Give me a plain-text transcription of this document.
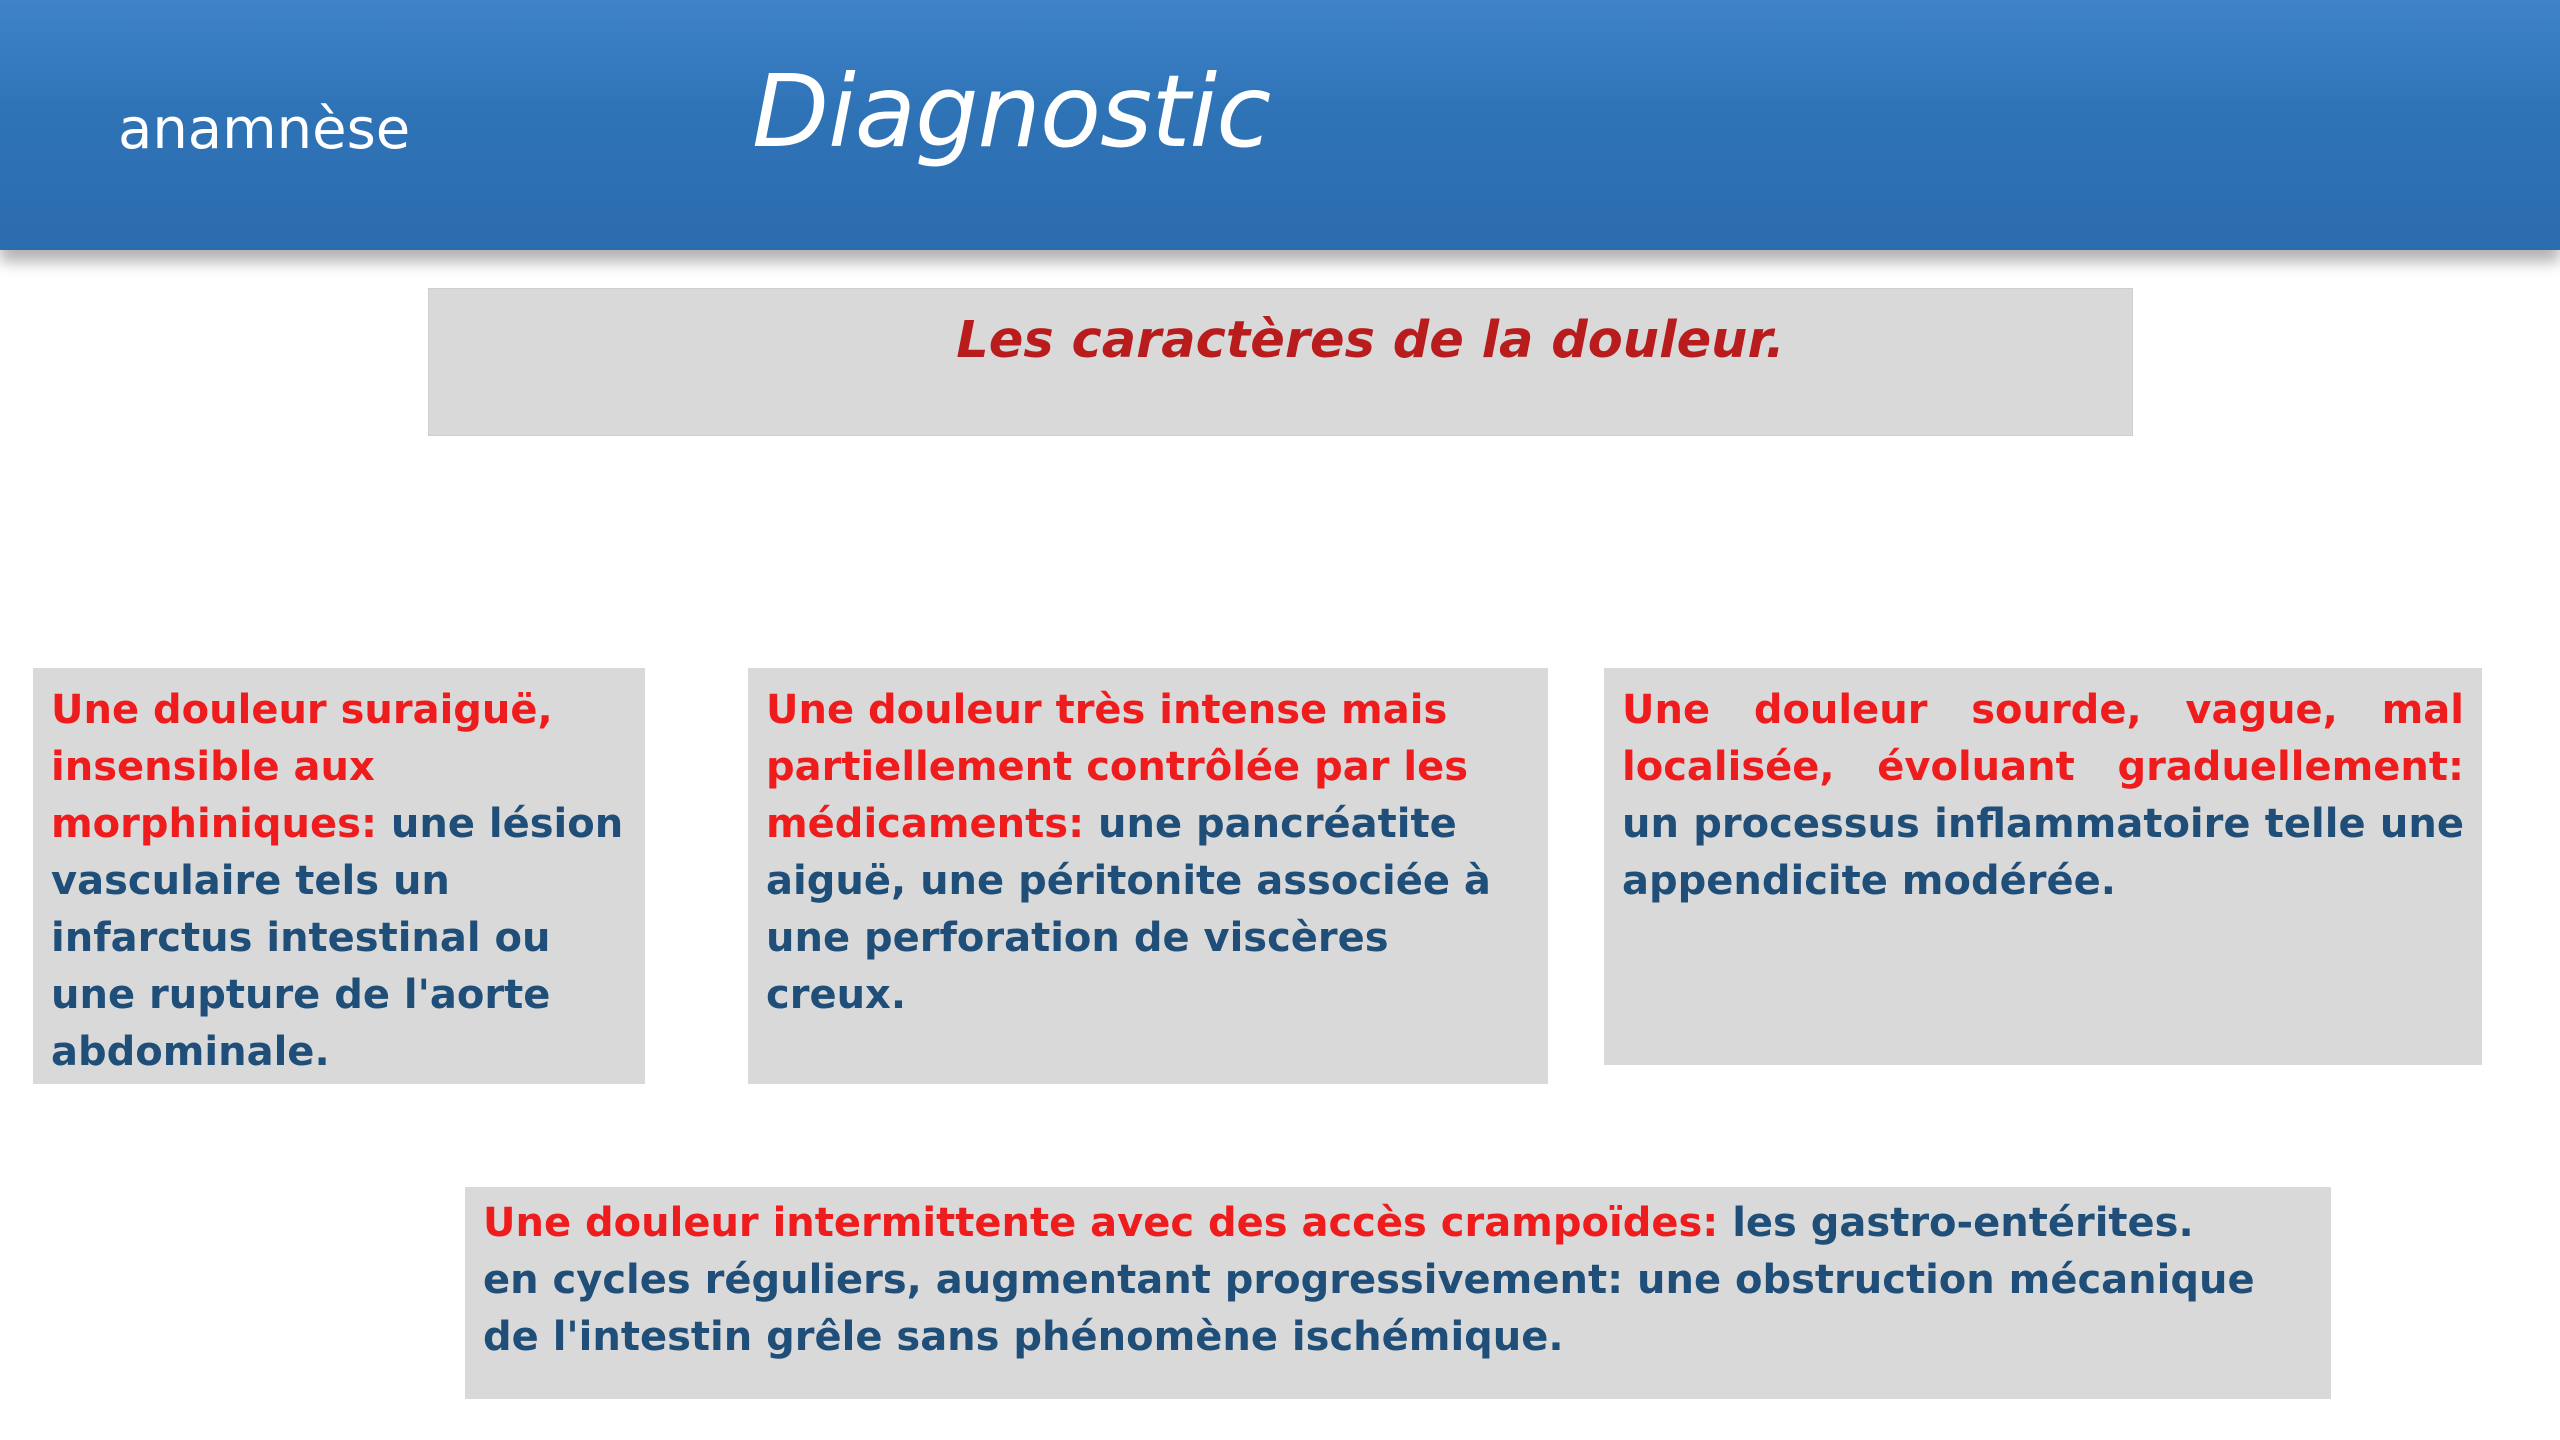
anamnèse	Diagnostic
Les caractères de la douleur.
Une douleur suraiguë, insensible aux morphiniques: une lésion vasculaire tels un infarctus intestinal ou une rupture de l'aorte abdominale.
Une douleur très intense mais partiellement contrôlée par les médicaments: une pancréatite aiguë, une péritonite associée à une perforation de viscères creux.
Une douleur sourde, vague, mal localisée, évoluant graduellement: un processus inflammatoire telle une appendicite modérée.
Une douleur intermittente avec des accès crampoïdes: les gastro-entérites.
en cycles réguliers, augmentant progressivement: une obstruction mécanique de l'intestin grêle sans phénomène ischémique.
